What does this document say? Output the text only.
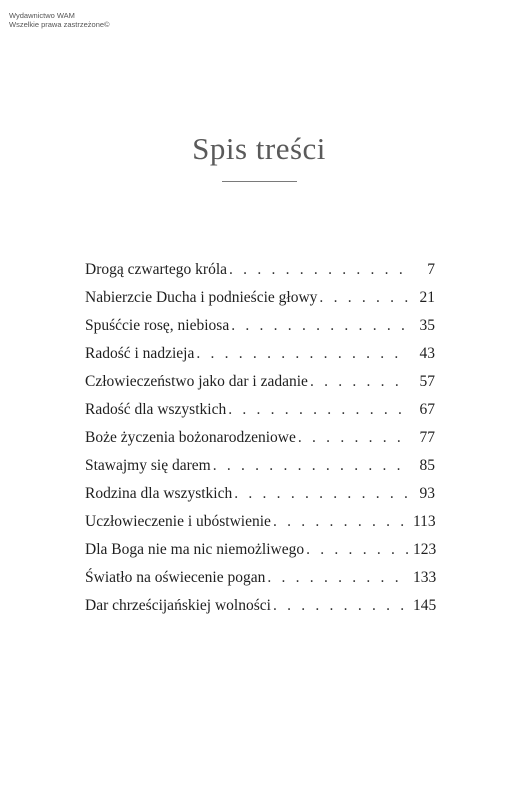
Wydawnictwo WAM
Wszelkie prawa zastrzeżone©
Spis treści
Drogą czwartego króla . . .	7
Nabierzcie Ducha i podnieście głowy . . .	21
Spuśćcie rosę, niebiosa . . .	35
Radość i nadzieja . . .	43
Człowieczeństwo jako dar i zadanie . . .	57
Radość dla wszystkich . . .	67
Boże życzenia bożonarodzeniowe . . .	77
Stawajmy się darem . . .	85
Rodzina dla wszystkich . . .	93
Uczłowieczenie i ubóstwienie . . .	113
Dla Boga nie ma nic niemożliwego . . .	123
Światło na oświecenie pogan . . .	133
Dar chrześcijańskiej wolności . . .	145
